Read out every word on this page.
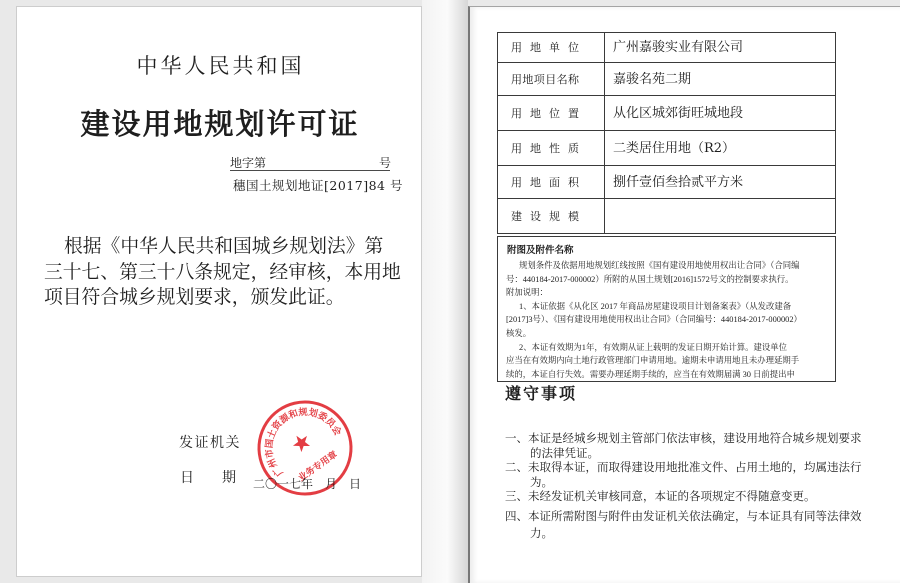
中华人民共和国
建设用地规划许可证
地字第	号
穗国土规划地证[2017]84 号
根据《中华人民共和国城乡规划法》第
三十七、第三十八条规定，经审核，本用地
项目符合城乡规划要求，颁发此证。
发证机关
日 期 二〇一七年　月　日
广州市国土资源和规划委员会
业务专用章
用 地 单 位	广州嘉骏实业有限公司

用地项目名称	嘉骏名苑二期

用 地 位 置	从化区城郊街旺城地段

用 地 性 质	二类居住用地（R2）

用 地 面 积	捌仟壹佰叁拾贰平方米

建 设 规 模	

附图及附件名称
规划条件及依据用地规划红线按照《国有建设用地使用权出让合同》（合同编
号：440184-2017-000002）所附的从国土规划[2016]1572号文的控制要求执行。
附加说明：
1、本证依据《从化区 2017 年商品房屋建设项目计划备案表》（从发改建备
[2017]3号）、《国有建设用地使用权出让合同》（合同编号：440184-2017-000002）
核发。
2、本证有效期为1年，有效期从证上载明的发证日期开始计算。建设单位
应当在有效期内向土地行政管理部门申请用地。逾期未申请用地且未办理延期手
续的，本证自行失效。需要办理延期手续的，应当在有效期届满 30 日前提出申
遵守事项
一、本证是经城乡规划主管部门依法审核，建设用地符合城乡规划要求
的法律凭证。
二、未取得本证，而取得建设用地批准文件、占用土地的，均属违法行
为。
三、未经发证机关审核同意，本证的各项规定不得随意变更。
四、本证所需附图与附件由发证机关依法确定，与本证具有同等法律效
力。
